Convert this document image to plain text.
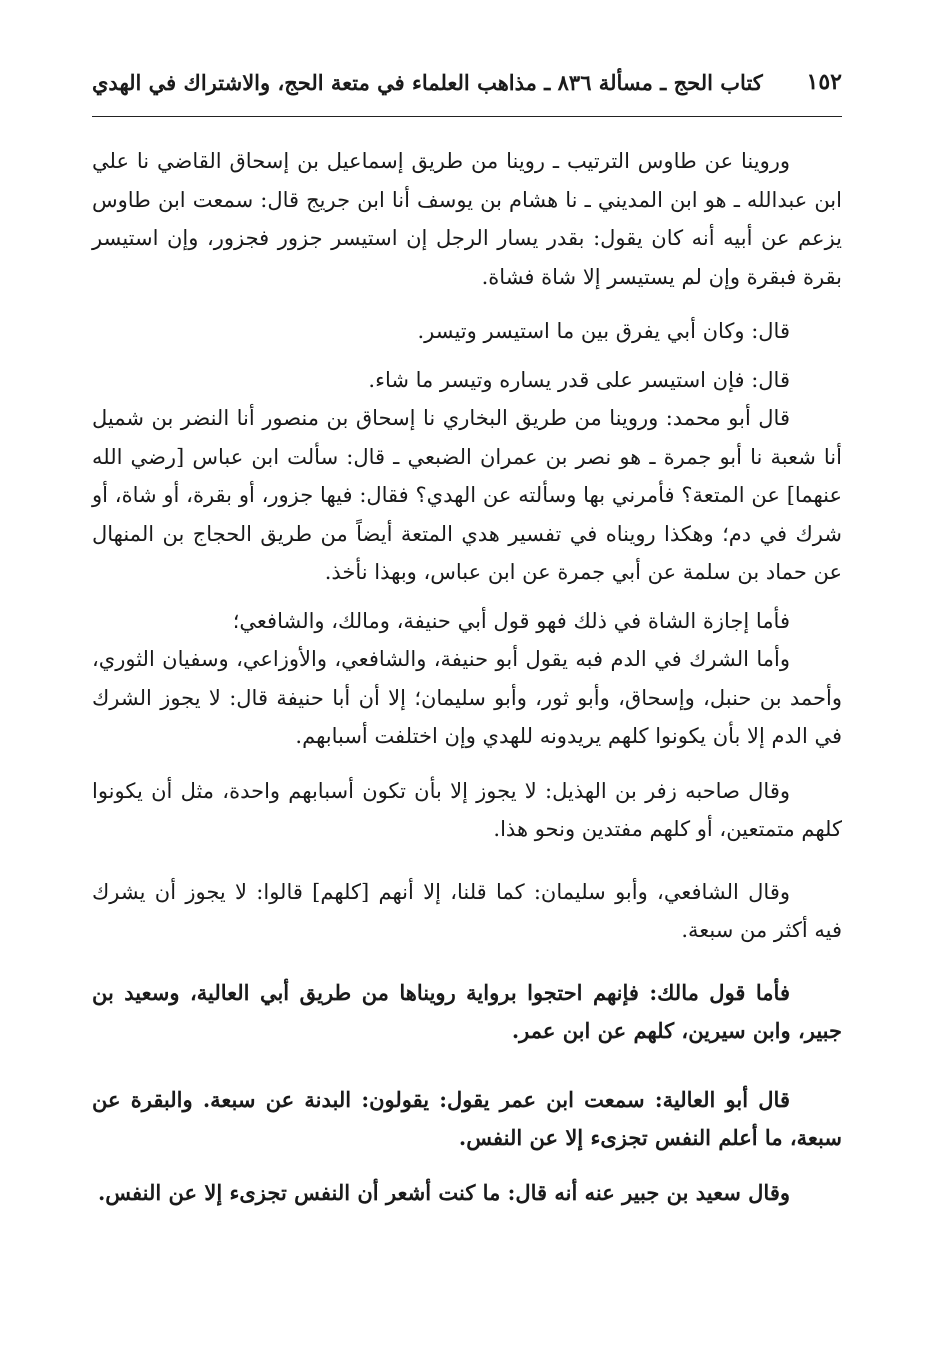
١٥٢
كتاب الحج ـ مسألة ٨٣٦ ـ مذاهب العلماء في متعة الحج، والاشتراك في الهدي

وروينا عن طاوس الترتيب ـ روينا من طريق إسماعيل بن إسحاق القاضي نا علي ابن عبدالله ـ هو ابن المديني ـ نا هشام بن يوسف أنا ابن جريج قال: سمعت ابن طاوس يزعم عن أبيه أنه كان يقول: بقدر يسار الرجل إن استيسر جزور فجزور، وإن استيسر بقرة فبقرة وإن لم يستيسر إلا شاة فشاة.

قال: وكان أبي يفرق بين ما استيسر وتيسر.

قال: فإن استيسر على قدر يساره وتيسر ما شاء.

قال أبو محمد: وروينا من طريق البخاري نا إسحاق بن منصور أنا النضر بن شميل أنا شعبة نا أبو جمرة ـ هو نصر بن عمران الضبعي ـ قال: سألت ابن عباس [رضي الله عنهما] عن المتعة؟ فأمرني بها وسألته عن الهدي؟ فقال: فيها جزور، أو بقرة، أو شاة، أو شرك في دم؛ وهكذا رويناه في تفسير هدي المتعة أيضاً من طريق الحجاج بن المنهال عن حماد بن سلمة عن أبي جمرة عن ابن عباس، وبهذا نأخذ.

فأما إجازة الشاة في ذلك فهو قول أبي حنيفة، ومالك، والشافعي؛

وأما الشرك في الدم فبه يقول أبو حنيفة، والشافعي، والأوزاعي، وسفيان الثوري، وأحمد بن حنبل، وإسحاق، وأبو ثور، وأبو سليمان؛ إلا أن أبا حنيفة قال: لا يجوز الشرك في الدم إلا بأن يكونوا كلهم يريدونه للهدي وإن اختلفت أسبابهم.

وقال صاحبه زفر بن الهذيل: لا يجوز إلا بأن تكون أسبابهم واحدة، مثل أن يكونوا كلهم متمتعين، أو كلهم مفتدين ونحو هذا.

وقال الشافعي، وأبو سليمان: كما قلنا، إلا أنهم [كلهم] قالوا: لا يجوز أن يشرك فيه أكثر من سبعة.

فأما قول مالك: فإنهم احتجوا برواية رويناها من طريق أبي العالية، وسعيد بن جبير، وابن سيرين، كلهم عن ابن عمر.

قال أبو العالية: سمعت ابن عمر يقول: يقولون: البدنة عن سبعة. والبقرة عن سبعة، ما أعلم النفس تجزىء إلا عن النفس.

وقال سعيد بن جبير عنه أنه قال: ما كنت أشعر أن النفس تجزىء إلا عن النفس.
